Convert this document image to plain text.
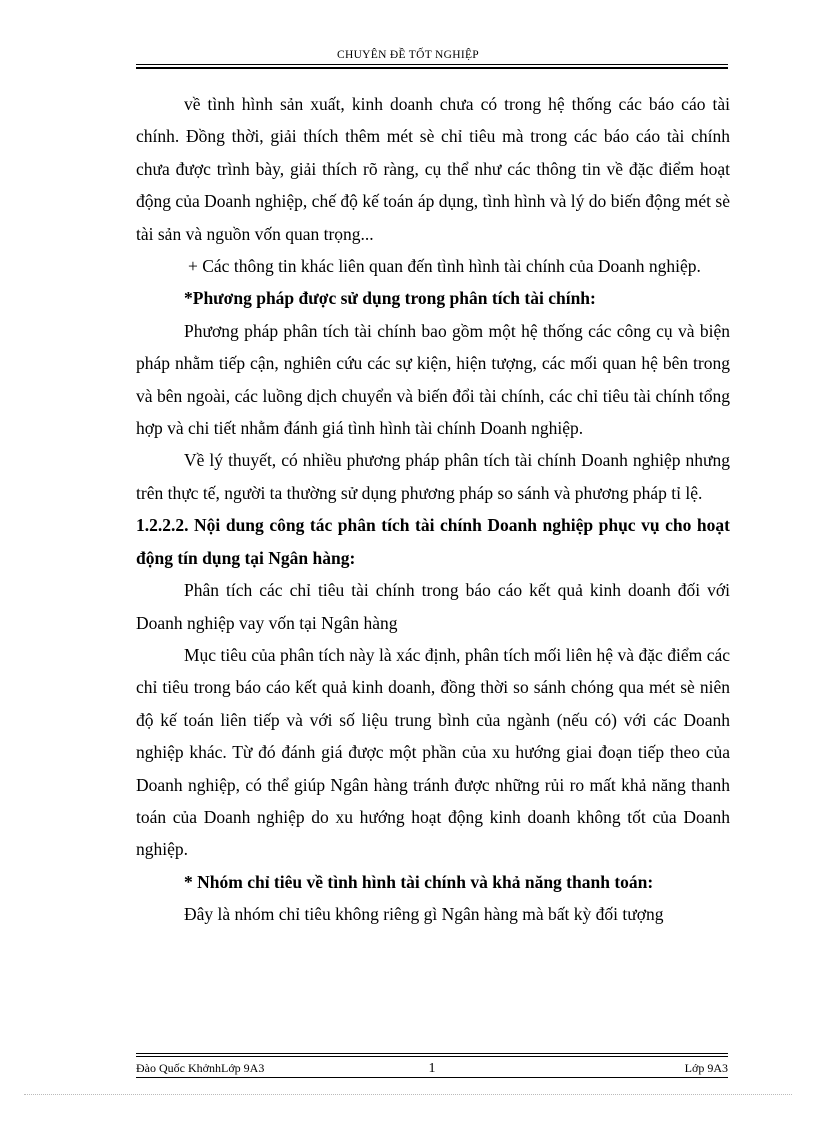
CHUYÊN ĐỀ TỐT NGHIỆP

về tình hình sản xuất, kinh doanh chưa có trong hệ thống các báo cáo tài chính. Đồng thời, giải thích thêm mét sè chỉ tiêu mà trong các báo cáo tài chính chưa được trình bày, giải thích rõ ràng, cụ thể như các thông tin về đặc điểm hoạt động của Doanh nghiệp, chế độ kế toán áp dụng, tình hình và lý do biến động mét sè tài sản và nguồn vốn quan trọng...

+ Các thông tin khác liên quan đến tình hình tài chính của Doanh nghiệp.

*Phương pháp được sử dụng trong phân tích tài chính:

Phương pháp phân tích tài chính bao gồm một hệ thống các công cụ và biện pháp nhằm tiếp cận, nghiên cứu các sự kiện, hiện tượng, các mối quan hệ bên trong và bên ngoài, các luồng dịch chuyển và biến đổi tài chính, các chỉ tiêu tài chính tổng hợp và chi tiết nhằm đánh giá tình hình tài chính Doanh nghiệp.

Về lý thuyết, có nhiều phương pháp phân tích tài chính Doanh nghiệp nhưng trên thực tế, người ta thường sử dụng phương pháp so sánh và phương pháp tỉ lệ.

1.2.2.2. Nội dung công tác phân tích tài chính Doanh nghiệp phục vụ cho hoạt động tín dụng tại Ngân hàng:

Phân tích các chỉ tiêu tài chính trong báo cáo kết quả kinh doanh đối với Doanh nghiệp vay vốn tại Ngân hàng

Mục tiêu của phân tích này là xác định, phân tích mối liên hệ và đặc điểm các chỉ tiêu trong báo cáo kết quả kinh doanh, đồng thời so sánh chóng qua mét sè niên độ kế toán liên tiếp và với số liệu trung bình của ngành (nếu có) với các Doanh nghiệp khác. Từ đó đánh giá được một phần của xu hướng giai đoạn tiếp theo của Doanh nghiệp, có thể giúp Ngân hàng tránh được những rủi ro mất khả năng thanh toán của Doanh nghiệp do xu hướng hoạt động kinh doanh không tốt của Doanh nghiệp.

* Nhóm chỉ tiêu về tình hình tài chính và khả năng thanh toán:

Đây là nhóm chỉ tiêu không riêng gì Ngân hàng mà bất kỳ đối tượng

Đào Quốc KhởnhLớp 9A3	1	Lớp 9A3
